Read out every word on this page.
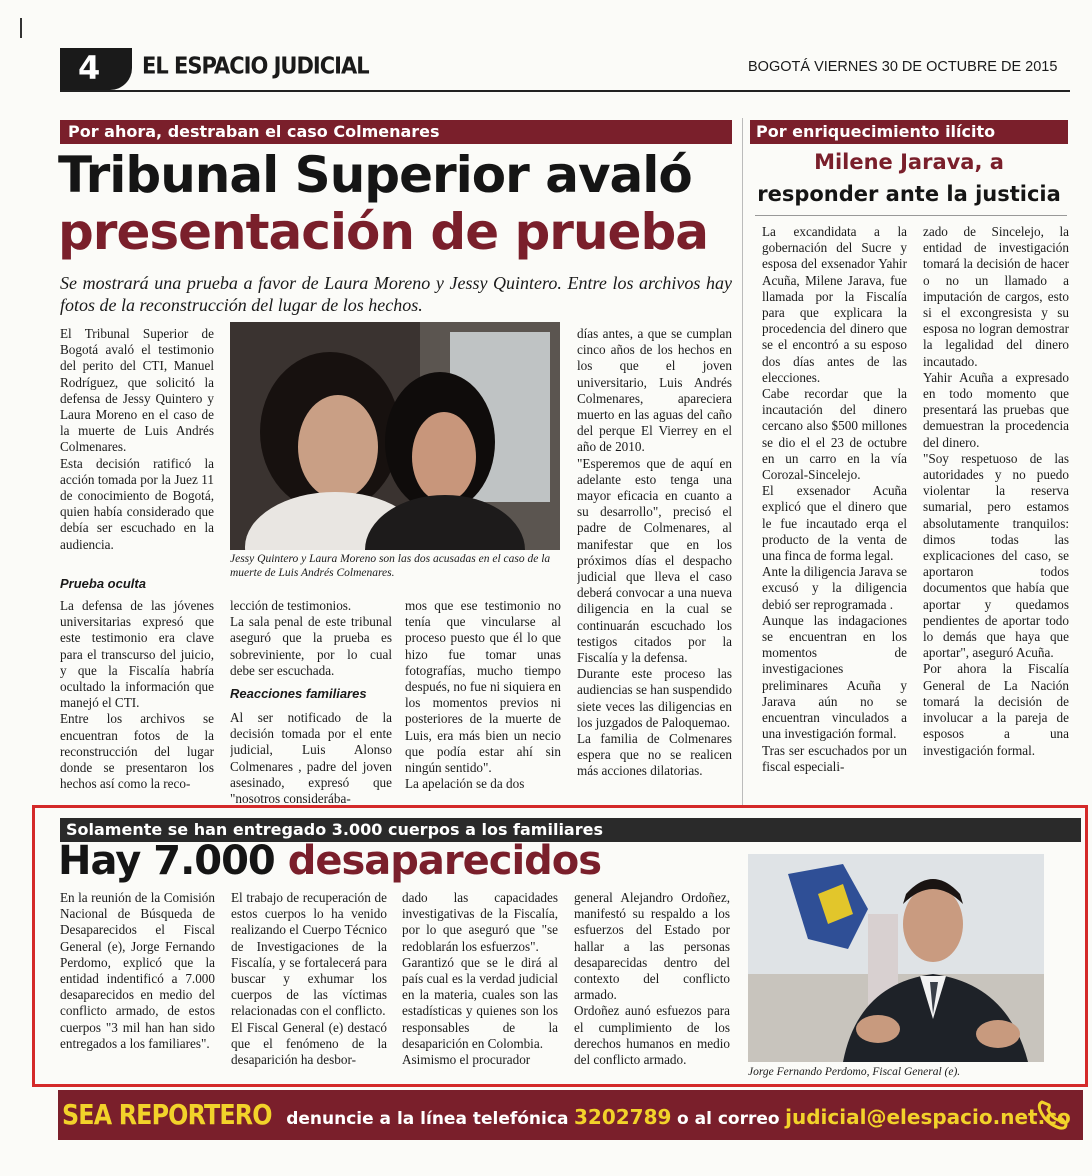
4	EL ESPACIO JUDICIAL	BOGOTÁ VIERNES 30 DE OCTUBRE DE 2015
Por ahora, destraban el caso Colmenares
Tribunal Superior avaló
presentación de prueba
Se mostrará una prueba a favor de Laura Moreno y Jessy Quintero. Entre los archivos hay fotos de la reconstrucción del lugar de los hechos.
El Tribunal Superior de Bogotá avaló el testimonio del perito del CTI, Manuel Rodríguez, que solicitó la defensa de Jessy Quintero y Laura Moreno en el caso de la muerte de Luis Andrés Colmenares.
Esta decisión ratificó la acción tomada por la Juez 11 de conocimiento de Bogotá, quien había considerado que debía ser escuchado en la audiencia.
Prueba oculta
La defensa de las jóvenes universitarias expresó que este testimonio era clave para el transcurso del juicio, y que la Fiscalía habría ocultado la información que manejó el CTI.
Entre los archivos se encuentran fotos de la reconstrucción del lugar donde se presentaron los hechos así como la reco-
Jessy Quintero y Laura Moreno son las dos acusadas en el caso de la muerte de Luis Andrés Colmenares.
lección de testimonios.
La sala penal de este tribunal aseguró que la prueba es sobreviniente, por lo cual debe ser escuchada.
Reacciones familiares
Al ser notificado de la decisión tomada por el ente judicial, Luis Alonso Colmenares , padre del joven asesinado, expresó que "nosotros considerába-
mos que ese testimonio no tenía que vincularse al proceso puesto que él lo que hizo fue tomar unas fotografías, mucho tiempo después, no fue ni siquiera en los momentos previos ni posteriores de la muerte de Luis, era más bien un necio que podía estar ahí sin ningún sentido".
La apelación se da dos
días antes, a que se cumplan cinco años de los hechos en los que el joven universitario, Luis Andrés Colmenares, apareciera muerto en las aguas del caño del perque El Vierrey en el año de 2010.
"Esperemos que de aquí en adelante esto tenga una mayor eficacia en cuanto a su desarrollo", precisó el padre de Colmenares, al manifestar que en los próximos días el despacho judicial que lleva el caso deberá convocar a una nueva diligencia en la cual se continuarán escuchado los testigos citados por la Fiscalía y la defensa.
Durante este proceso las audiencias se han suspendido siete veces las diligencias en los juzgados de Paloquemao.
La familia de Colmenares espera que no se realicen más acciones dilatorias.
Por enriquecimiento ilícito
Milene Jarava, a
responder ante la justicia
La excandidata a la gobernación del Sucre y esposa del exsenador Yahir Acuña, Milene Jarava, fue llamada por la Fiscalía para que explicara la procedencia del dinero que se el encontró a su esposo dos días antes de las elecciones.
Cabe recordar que la incautación del dinero cercano also $500 millones se dio el el 23 de octubre en un carro en la vía Corozal-Sincelejo.
El exsenador Acuña explicó que el dinero que le fue incautado erqa el producto de la venta de una finca de forma legal.
Ante la diligencia Jarava se excusó y la diligencia debió ser reprogramada .
Aunque las indagaciones se encuentran en los momentos de investigaciones preliminares Acuña y Jarava aún no se encuentran vinculados a una investigación formal.
Tras ser escuchados por un fiscal especiali-
zado de Sincelejo, la entidad de investigación tomará la decisión de hacer o no un llamado a imputación de cargos, esto si el excongresista y su esposa no logran demostrar la legalidad del dinero incautado.
Yahir Acuña a expresado en todo momento que presentará las pruebas que demuestran la procedencia del dinero.
"Soy respetuoso de las autoridades y no puedo violentar la reserva sumarial, pero estamos absolutamente tranquilos: dimos todas las explicaciones del caso, se aportaron todos documentos que había que aportar y quedamos pendientes de aportar todo lo demás que haya que aportar", aseguró Acuña.
Por ahora la Fiscalía General de La Nación tomará la decisión de involucar a la pareja de esposos a una investigación formal.
Solamente se han entregado 3.000 cuerpos a los familiares
Hay 7.000 desaparecidos
En la reunión de la Comisión Nacional de Búsqueda de Desaparecidos el Fiscal General (e), Jorge Fernando Perdomo, explicó que la entidad indentificó a 7.000 desaparecidos en medio del conflicto armado, de estos cuerpos "3 mil han han sido entregados a los familiares".
El trabajo de recuperación de estos cuerpos lo ha venido realizando el Cuerpo Técnico de Investigaciones de la Fiscalía, y se fortalecerá para buscar y exhumar los cuerpos de las víctimas relacionadas con el conflicto.
El Fiscal General (e) destacó que el fenómeno de la desaparición ha desbor-
dado las capacidades investigativas de la Fiscalía, por lo que aseguró que "se redoblarán los esfuerzos".
Garantizó que se le dirá al país cual es la verdad judicial en la materia, cuales son las estadísticas y quienes son los responsables de la desaparición en Colombia.
Asimismo el procurador
general Alejandro Ordoñez, manifestó su respaldo a los esfuerzos del Estado por hallar a las personas desaparecidas dentro del contexto del conflicto armado.
Ordoñez aunó esfuezos para el cumplimiento de los derechos humanos en medio del conflicto armado.
Jorge Fernando Perdomo, Fiscal General (e).
SEA REPORTERO denuncie a la línea telefónica 3202789 o al correo judicial@elespacio.net.co
